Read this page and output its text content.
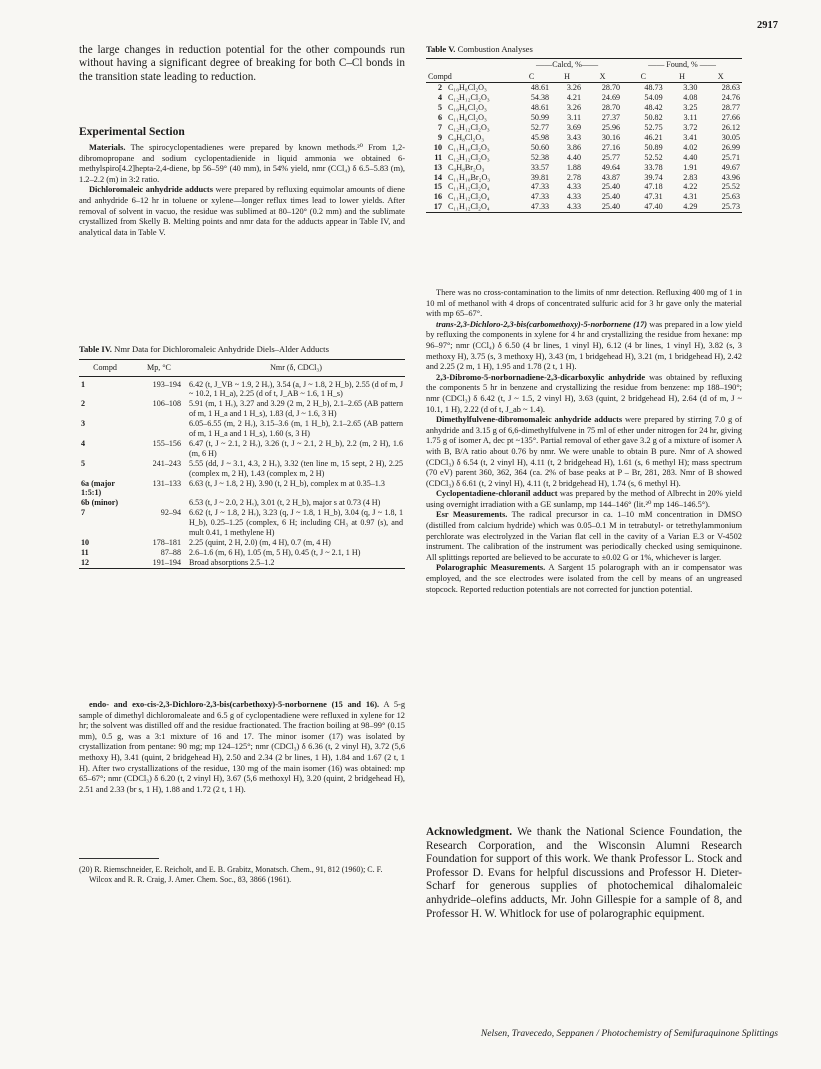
2917
the large changes in reduction potential for the other compounds run without having a significant degree of breaking for both C–Cl bonds in the transition state leading to reduction.
Experimental Section

Materials. The spirocyclopentadienes were prepared by known methods.²⁰ From 1,2-dibromopropane and sodium cyclopentadienide in liquid ammonia we obtained 6-methylspiro[4.2]hepta-2,4-diene, bp 56–59° (40 mm), in 54% yield, nmr (CCl₄) δ 6.5–5.83 (m), 1.2–2.2 (m) in 3:2 ratio.

Dichloromaleic anhydride adducts were prepared by refluxing equimolar amounts of diene and anhydride 6–12 hr in toluene or xylene—longer reflux times lead to lower yields. After removal of solvent in vacuo, the residue was sublimed at 80–120° (0.2 mm) and the sublimate crystallized from Skelly B. Melting points and nmr data for the adducts appear in Table IV, and analytical data in Table V.

Table IV. Nmr Data for Dichloromaleic Anhydride Diels–Alder Adducts
Compd	Mp, °C	Nmr (δ, CDCl₃)
1	193–194	6.42 (t, J_VB ~ 1.9, 2 Hᵥ), 3.54 (a, J ~ 1.8, 2 H_b), 2.55 (d of m, J ~ 10.2, 1 H_a), 2.25 (d of t, J_AB ~ 1.6, 1 H_s)
2	106–108	5.91 (m, 1 Hᵥ), 3.27 and 3.29 (2 m, 2 H_b), 2.1–2.65 (AB pattern of m, 1 H_a and 1 H_s), 1.83 (d, J ~ 1.6, 3 H)
3		6.05–6.55 (m, 2 Hᵥ), 3.15–3.6 (m, 1 H_b), 2.1–2.65 (AB pattern of m, 1 H_a and 1 H_s), 1.60 (s, 3 H)
4	155–156	6.47 (t, J ~ 2.1, 2 Hᵥ), 3.26 (t, J ~ 2.1, 2 H_b), 2.2 (m, 2 H), 1.6 (m, 6 H)
5	241–243	5.55 (dd, J ~ 3.1, 4.3, 2 Hᵥ), 3.32 (ten line m, 15 sept, 2 H), 2.25 (complex m, 2 H), 1.43 (complex m, 2 H)
6a (major 1:5:1)	131–133	6.63 (t, J ~ 1.8, 2 H), 3.90 (t, 2 H_b), complex m at 0.35–1.3
6b (minor)		6.53 (t, J ~ 2.0, 2 Hᵥ), 3.01 (t, 2 H_b), major s at 0.73 (4 H)
7	92–94	6.62 (t, J ~ 1.8, 2 Hᵥ), 3.23 (q, J ~ 1.8, 1 H_b), 3.04 (q, J ~ 1.8, 1 H_b), 0.25–1.25 (complex, 6 H; including CH₃ at 0.97 (s), and mult 0.41, 1 methylene H)
10	178–181	2.25 (quint, 2 H, 2.0) (m, 4 H), 0.7 (m, 4 H)
11	87–88	2.6–1.6 (m, 6 H), 1.05 (m, 5 H), 0.45 (t, J ~ 2.1, 1 H)
12	191–194	Broad absorptions 2.5–1.2

endo- and exo-cis-2,3-Dichloro-2,3-bis(carbethoxy)-5-norbornene (15 and 16). A 5-g sample of dimethyl dichloromaleate and 6.5 g of cyclopentadiene were refluxed in xylene for 12 hr; the solvent was distilled off and the residue fractionated. The fraction boiling at 98–99° (0.15 mm), 0.5 g, was a 3:1 mixture of 16 and 17. The minor isomer (17) was isolated by crystallization from pentane: 90 mg; mp 124–125°; nmr (CDCl₃) δ 6.36 (t, 2 vinyl H), 3.72 (5,6 methoxy H), 3.41 (quint, 2 bridgehead H), 2.50 and 2.34 (2 br lines, 1 H), 1.84 and 1.67 (2 t, 1 H). After two crystallizations of the residue, 130 mg of the main isomer (16) was obtained: mp 65–67°; nmr (CDCl₃) δ 6.20 (t, 2 vinyl H), 3.67 (5,6 methoxyl H), 3.20 (quint, 2 bridgehead H), 2.51 and 2.33 (br s, 1 H), 1.88 and 1.72 (2 t, 1 H).

(20) R. Riemschneider, E. Reicholt, and E. B. Grabitz, Monatsch. Chem., 91, 812 (1960); C. F. Wilcox and R. R. Craig, J. Amer. Chem. Soc., 83, 3866 (1961).

Table V. Combustion Analyses
		——Calcd, %——			—— Found, % ——		
Compd		C	H	X	C	H	X
2	C₁₀H₈Cl₂O₃	48.61	3.26	28.70	48.73	3.30	28.63
4	C₁₂H₁₂Cl₂O₃	54.38	4.21	24.69	54.09	4.08	24.76
5	C₁₀H₈Cl₂O₃	48.61	3.26	28.70	48.42	3.25	28.77
6	C₁₁H₈Cl₂O₃	50.99	3.11	27.37	50.82	3.11	27.66
7	C₁₂H₁₂Cl₂O₃	52.77	3.69	25.96	52.75	3.72	26.12
9	C₉H₈Cl₂O₃	45.98	3.43	30.16	46.21	3.41	30.05
10	C₁₁H₁₀Cl₂O₃	50.60	3.86	27.16	50.89	4.02	26.99
11	C₁₂H₁₂Cl₂O₃	52.38	4.40	25.77	52.52	4.40	25.71
13	C₉H₈Br₂O₃	33.57	1.88	49.64	33.78	1.91	49.67
14	C₁₁H₁₀Br₂O₃	39.81	2.78	43.87	39.74	2.83	43.96
15	C₁₁H₁₂Cl₂O₄	47.33	4.33	25.40	47.18	4.22	25.52
16	C₁₁H₁₂Cl₂O₄	47.33	4.33	25.40	47.31	4.31	25.63
17	C₁₁H₁₂Cl₂O₄	47.33	4.33	25.40	47.40	4.29	25.73

There was no cross-contamination to the limits of nmr detection. Refluxing 400 mg of 1 in 10 ml of methanol with 4 drops of concentrated sulfuric acid for 3 hr gave only the material with mp 65–67°.

trans-2,3-Dichloro-2,3-bis(carbomethoxy)-5-norbornene (17) was prepared in a low yield by refluxing the components in xylene for 4 hr and crystallizing the residue from hexane: mp 96–97°; nmr (CCl₄) δ 6.50 (4 br lines, 1 vinyl H), 6.12 (4 br lines, 1 vinyl H), 3.82 (s, 3 methoxy H), 3.75 (s, 3 methoxy H), 3.43 (m, 1 bridgehead H), 3.21 (m, 1 bridgehead H), 2.42 and 2.25 (2 m, 1 H), 1.95 and 1.78 (2 t, 1 H).

2,3-Dibromo-5-norbornadiene-2,3-dicarboxylic anhydride was obtained by refluxing the components 5 hr in benzene and crystallizing the residue from benzene: mp 188–190°; nmr (CDCl₃) δ 6.42 (t, J ~ 1.5, 2 vinyl H), 3.63 (quint, 2 bridgehead H), 2.64 (d of m, J ~ 10.1, 1 H), 2.22 (d of t, J_ab ~ 1.4).

Dimethylfulvene-dibromomaleic anhydride adducts were prepared by stirring 7.0 g of anhydride and 3.15 g of 6,6-dimethylfulvene in 75 ml of ether under nitrogen for 24 hr, giving 1.75 g of isomer A, dec pt ~135°. Partial removal of ether gave 3.2 g of a mixture of isomer A with B, B/A ratio about 0.76 by nmr. We were unable to obtain B pure. Nmr of A showed (CDCl₃) δ 6.54 (t, 2 vinyl H), 4.11 (t, 2 bridgehead H), 1.61 (s, 6 methyl H); mass spectrum (70 eV) parent 360, 362, 364 (ca. 2% of base peaks at P – Br, 281, 283. Nmr of B showed (CDCl₃) δ 6.61 (t, 2 vinyl H), 4.11 (t, 2 bridgehead H), 1.74 (s, 6 methyl H).

Cyclopentadiene-chloranil adduct was prepared by the method of Albrecht in 20% yield using overnight irradiation with a GE sunlamp, mp 144–146° (lit.²⁰ mp 146–146.5°).

Esr Measurements. The radical precursor in ca. 1–10 mM concentration in DMSO (distilled from calcium hydride) which was 0.05–0.1 M in tetrabutyl- or tetrethylammonium perchlorate was electrolyzed in the Varian flat cell in the cavity of a Varian E.3 or V-4502 instrument. The calibration of the instrument was periodically checked using semiquinone. All splittings reported are believed to be accurate to ±0.02 G or 1%, whichever is larger.

Polarographic Measurements. A Sargent 15 polarograph with an ir compensator was employed, and the sce electrodes were isolated from the cell by means of an ungreased stopcock. Reported reduction potentials are not corrected for junction potential.

Acknowledgment. We thank the National Science Foundation, the Research Corporation, and the Wisconsin Alumni Research Foundation for support of this work. We thank Professor L. Stock and Professor D. Evans for helpful discussions and Professor H. Dieter-Scharf for generous supplies of photochemical dihalomaleic anhydride–olefins adducts, Mr. John Gillespie for a sample of 8, and Professor H. W. Whitlock for use of polarographic equipment.
Nelsen, Travecedo, Seppanen / Photochemistry of Semifuraquinone Splittings
